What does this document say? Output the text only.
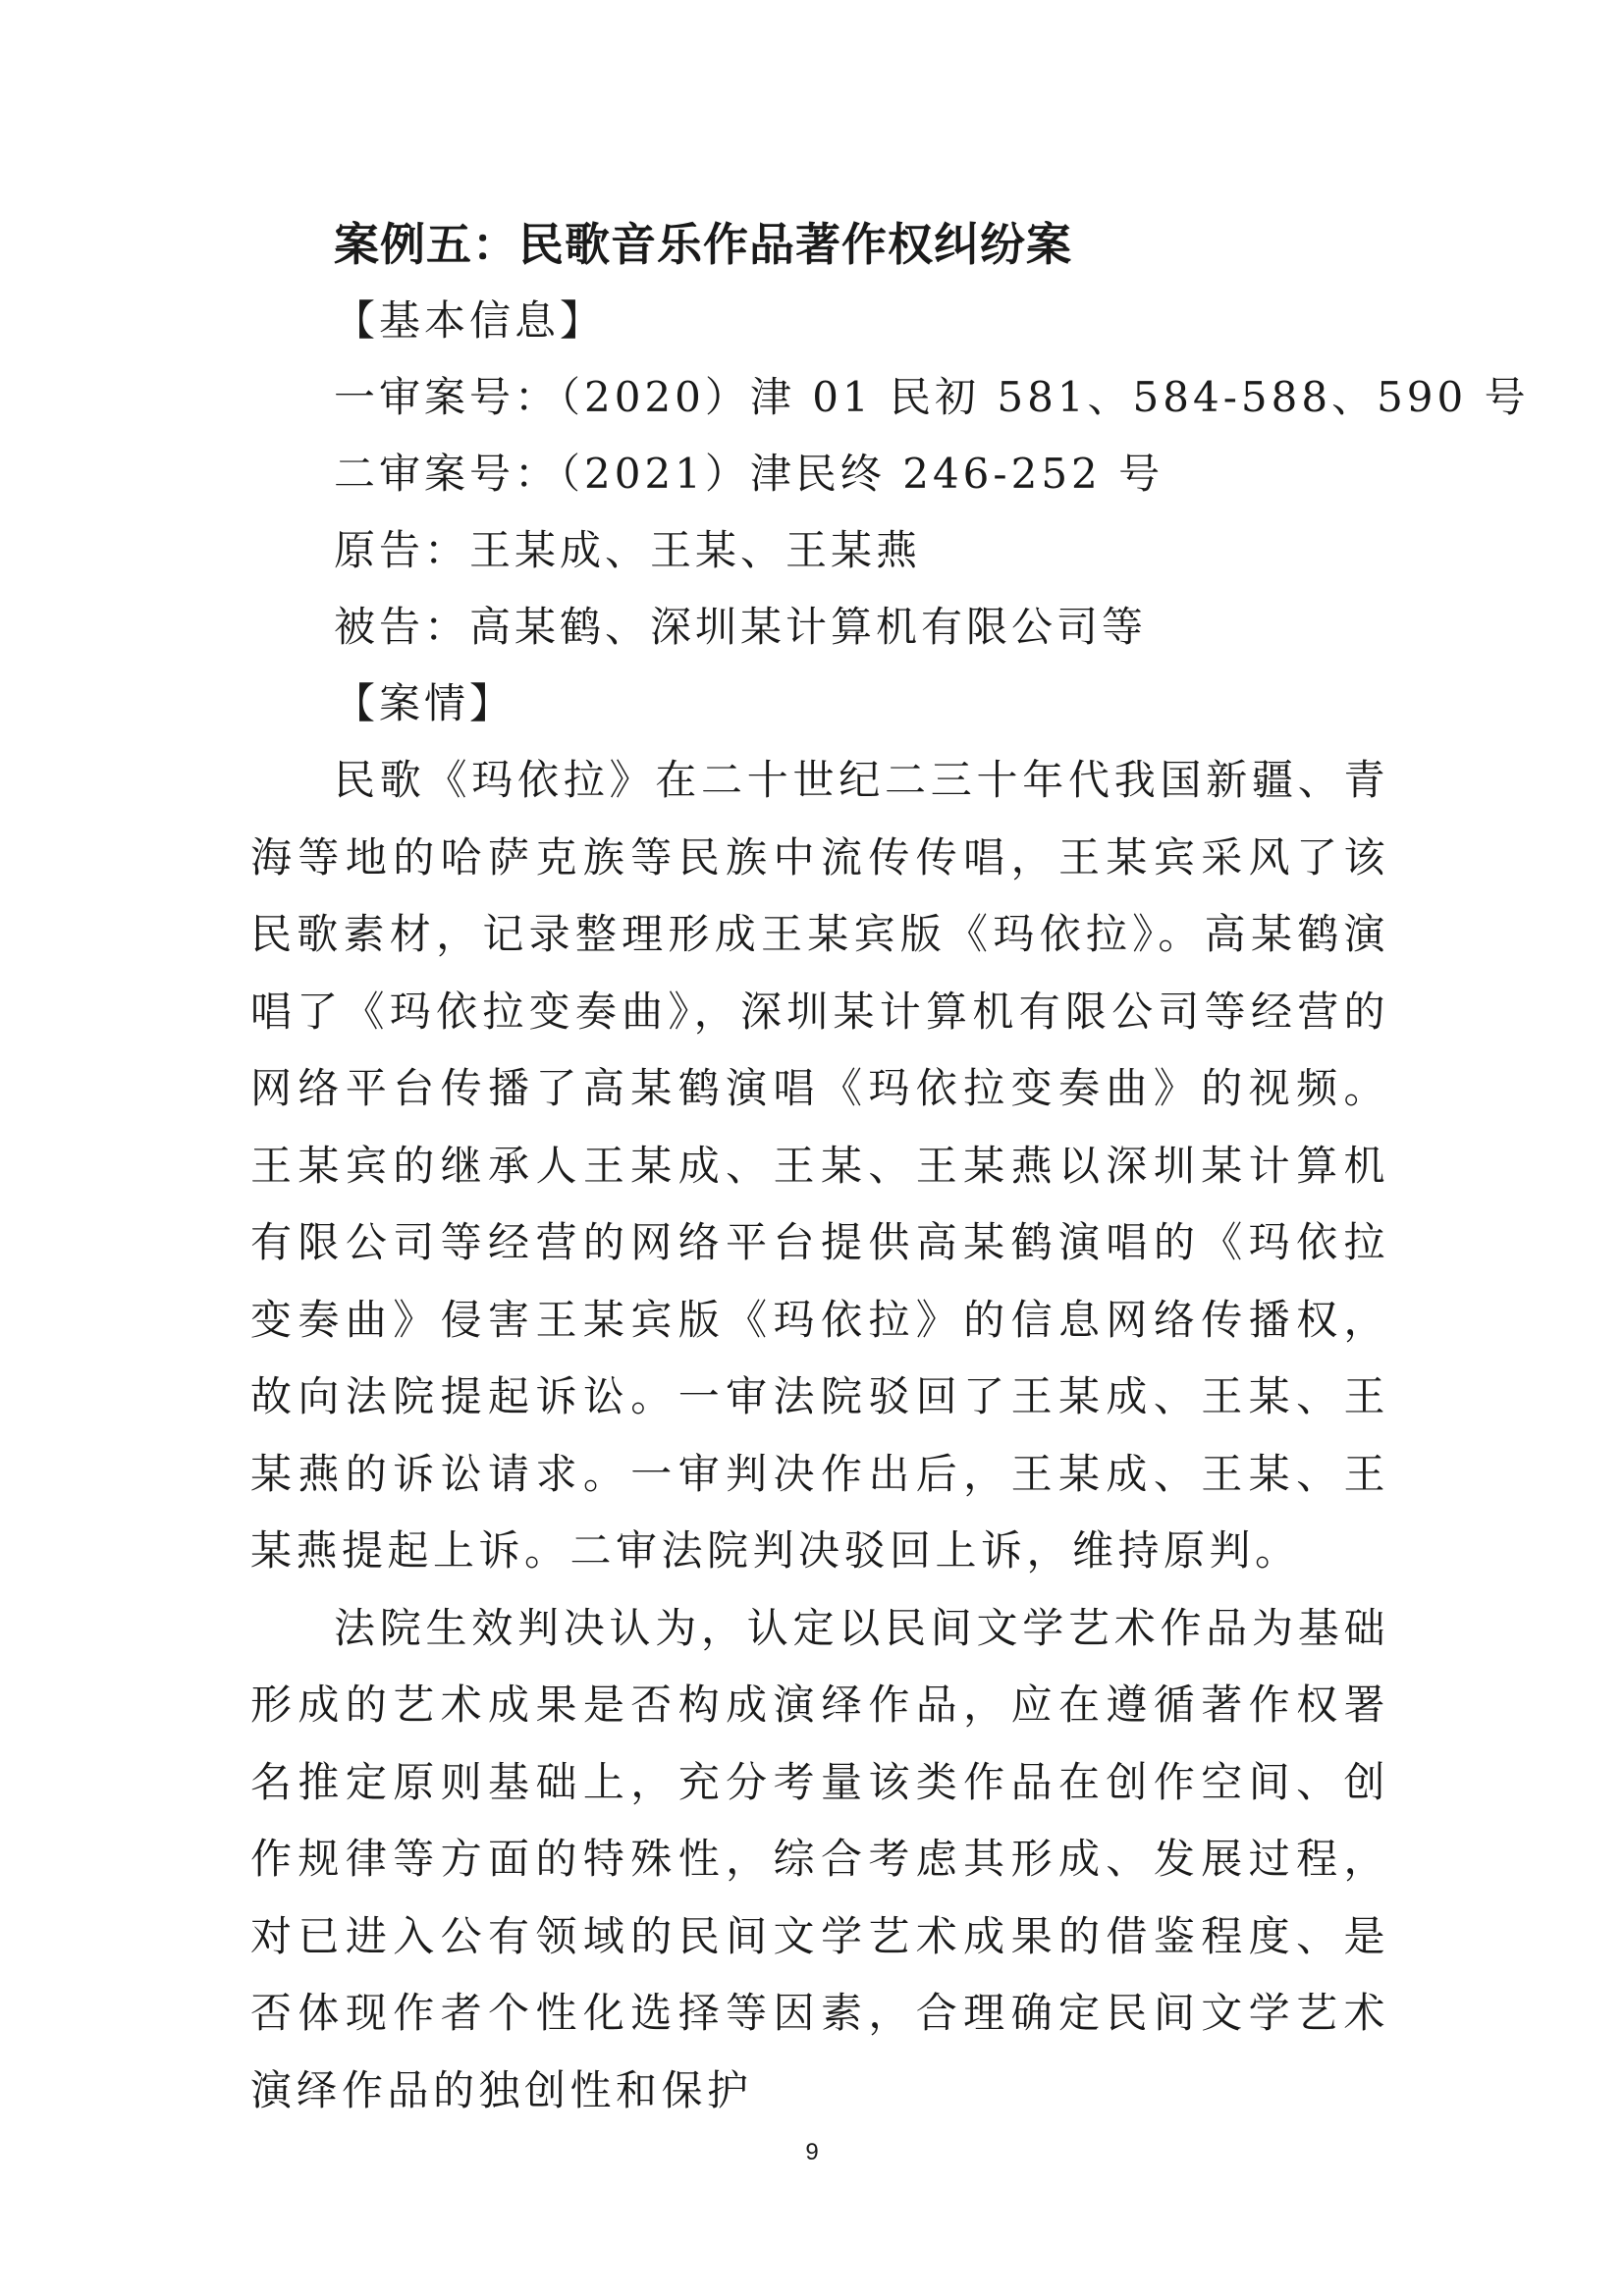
案例五：民歌音乐作品著作权纠纷案
【基本信息】
一审案号：（2020）津 01 民初 581、584-588、590 号
二审案号：（2021）津民终 246-252 号
原告：王某成、王某、王某燕
被告：高某鹤、深圳某计算机有限公司等
【案情】

民歌《玛依拉》在二十世纪二三十年代我国新疆、青海等地的哈萨克族等民族中流传传唱，王某宾采风了该民歌素材，记录整理形成王某宾版《玛依拉》。高某鹤演唱了《玛依拉变奏曲》，深圳某计算机有限公司等经营的网络平台传播了高某鹤演唱《玛依拉变奏曲》的视频。王某宾的继承人王某成、王某、王某燕以深圳某计算机有限公司等经营的网络平台提供高某鹤演唱的《玛依拉变奏曲》侵害王某宾版《玛依拉》的信息网络传播权，故向法院提起诉讼。一审法院驳回了王某成、王某、王某燕的诉讼请求。一审判决作出后，王某成、王某、王某燕提起上诉。二审法院判决驳回上诉，维持原判。

法院生效判决认为，认定以民间文学艺术作品为基础形成的艺术成果是否构成演绎作品，应在遵循著作权署名推定原则基础上，充分考量该类作品在创作空间、创作规律等方面的特殊性，综合考虑其形成、发展过程，对已进入公有领域的民间文学艺术成果的借鉴程度、是否体现作者个性化选择等因素，合理确定民间文学艺术演绎作品的独创性和保护

9
